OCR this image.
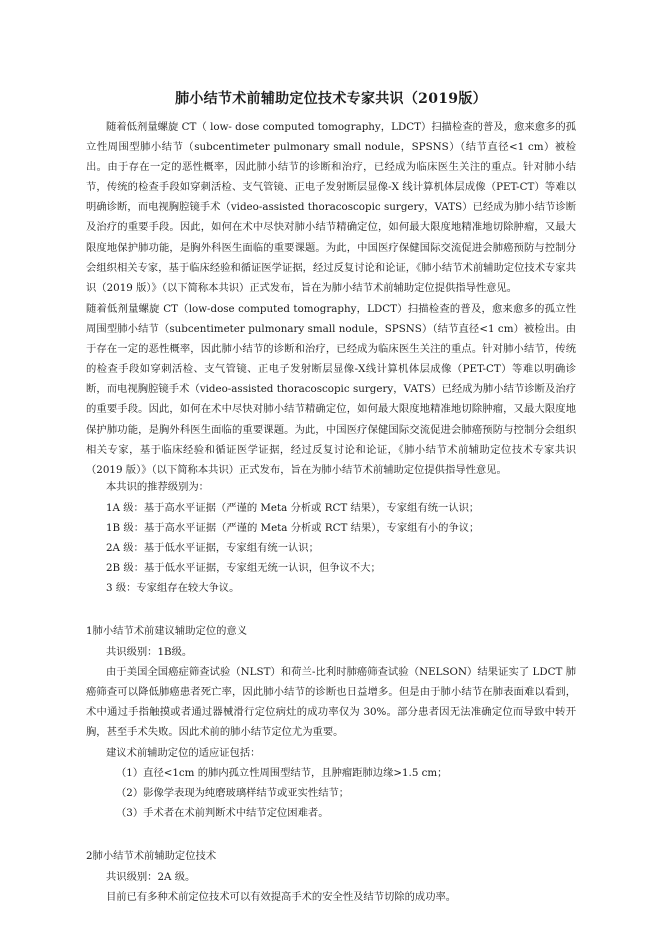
肺小结节术前辅助定位技术专家共识（2019版）

随着低剂量螺旋 CT（ low- dose computed tomography，LDCT）扫描检查的普及，愈来愈多的孤立性周围型肺小结节（subcentimeter pulmonary small nodule，SPSNS）（结节直径<1 cm）被检出。由于存在一定的恶性概率，因此肺小结节的诊断和治疗，已经成为临床医生关注的重点。针对肺小结节，传统的检查手段如穿刺活检、支气管镜、正电子发射断层显像-X 线计算机体层成像（PET-CT）等难以明确诊断，而电视胸腔镜手术（video-assisted thoracoscopic surgery，VATS）已经成为肺小结节诊断及治疗的重要手段。因此，如何在术中尽快对肺小结节精确定位，如何最大限度地精准地切除肿瘤，又最大限度地保护肺功能，是胸外科医生面临的重要课题。为此，中国医疗保健国际交流促进会肺癌预防与控制分会组织相关专家，基于临床经验和循证医学证据，经过反复讨论和论证，《肺小结节术前辅助定位技术专家共识（2019 版）》（以下简称本共识）正式发布，旨在为肺小结节术前辅助定位提供指导性意见。

随着低剂量螺旋 CT（low-dose computed tomography，LDCT）扫描检查的普及，愈来愈多的孤立性周围型肺小结节（subcentimeter pulmonary small nodule，SPSNS）（结节直径<1 cm）被检出。由于存在一定的恶性概率，因此肺小结节的诊断和治疗，已经成为临床医生关注的重点。针对肺小结节，传统的检查手段如穿刺活检、支气管镜、正电子发射断层显像-X线计算机体层成像（PET-CT）等难以明确诊断，而电视胸腔镜手术（video-assisted thoracoscopic surgery，VATS）已经成为肺小结节诊断及治疗的重要手段。因此，如何在术中尽快对肺小结节精确定位，如何最大限度地精准地切除肿瘤，又最大限度地保护肺功能，是胸外科医生面临的重要课题。为此，中国医疗保健国际交流促进会肺癌预防与控制分会组织相关专家，基于临床经验和循证医学证据，经过反复讨论和论证，《肺小结节术前辅助定位技术专家共识（2019 版）》（以下简称本共识）正式发布，旨在为肺小结节术前辅助定位提供指导性意见。

本共识的推荐级别为：
1A 级：基于高水平证据（严谨的 Meta 分析或 RCT 结果），专家组有统一认识；
1B 级：基于高水平证据（严谨的 Meta 分析或 RCT 结果），专家组有小的争议；
2A 级：基于低水平证据，专家组有统一认识；
2B 级：基于低水平证据，专家组无统一认识，但争议不大；
3 级：专家组存在较大争议。
1肺小结节术前建议辅助定位的意义
共识级别：1B级。

由于美国全国癌症筛查试验（NLST）和荷兰-比利时肺癌筛查试验（NELSON）结果证实了 LDCT 肺癌筛查可以降低肺癌患者死亡率，因此肺小结节的诊断也日益增多。但是由于肺小结节在肺表面难以看到，术中通过手指触摸或者通过器械滑行定位病灶的成功率仅为 30%。部分患者因无法准确定位而导致中转开胸，甚至手术失败。因此术前的肺小结节定位尤为重要。

建议术前辅助定位的适应证包括：
（1）直径<1cm 的肺内孤立性周围型结节，且肿瘤距肺边缘>1.5 cm；
（2）影像学表现为纯磨玻璃样结节或亚实性结节；
（3）手术者在术前判断术中结节定位困难者。
2肺小结节术前辅助定位技术
共识级别：2A 级。
目前已有多种术前定位技术可以有效提高手术的安全性及结节切除的成功率。
